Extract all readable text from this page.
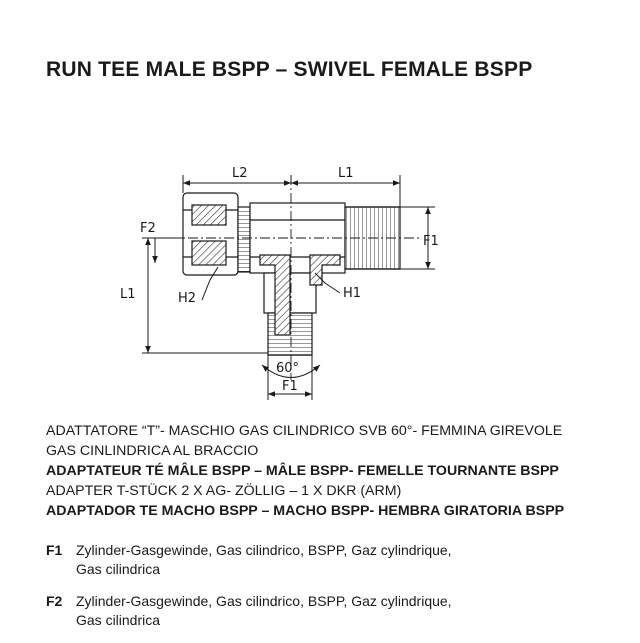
RUN TEE MALE BSPP – SWIVEL FEMALE BSPP
L2	L1
F2
F1
L1	H2	H1
60°
F1
ADATTATORE “T”- MASCHIO GAS CILINDRICO SVB 60°- FEMMINA GIREVOLE
GAS CINLINDRICA AL BRACCIO
ADAPTATEUR TÉ MÂLE BSPP – MÂLE BSPP- FEMELLE TOURNANTE BSPP
ADAPTER T-STÜCK 2 X AG- ZÖLLIG – 1 X DKR (ARM)
ADAPTADOR TE MACHO BSPP – MACHO BSPP- HEMBRA GIRATORIA BSPP
F1 Zylinder-Gasgewinde, Gas cilindrico, BSPP, Gaz cylindrique,
Gas cilindrica
F2 Zylinder-Gasgewinde, Gas cilindrico, BSPP, Gaz cylindrique,
Gas cilindrica
